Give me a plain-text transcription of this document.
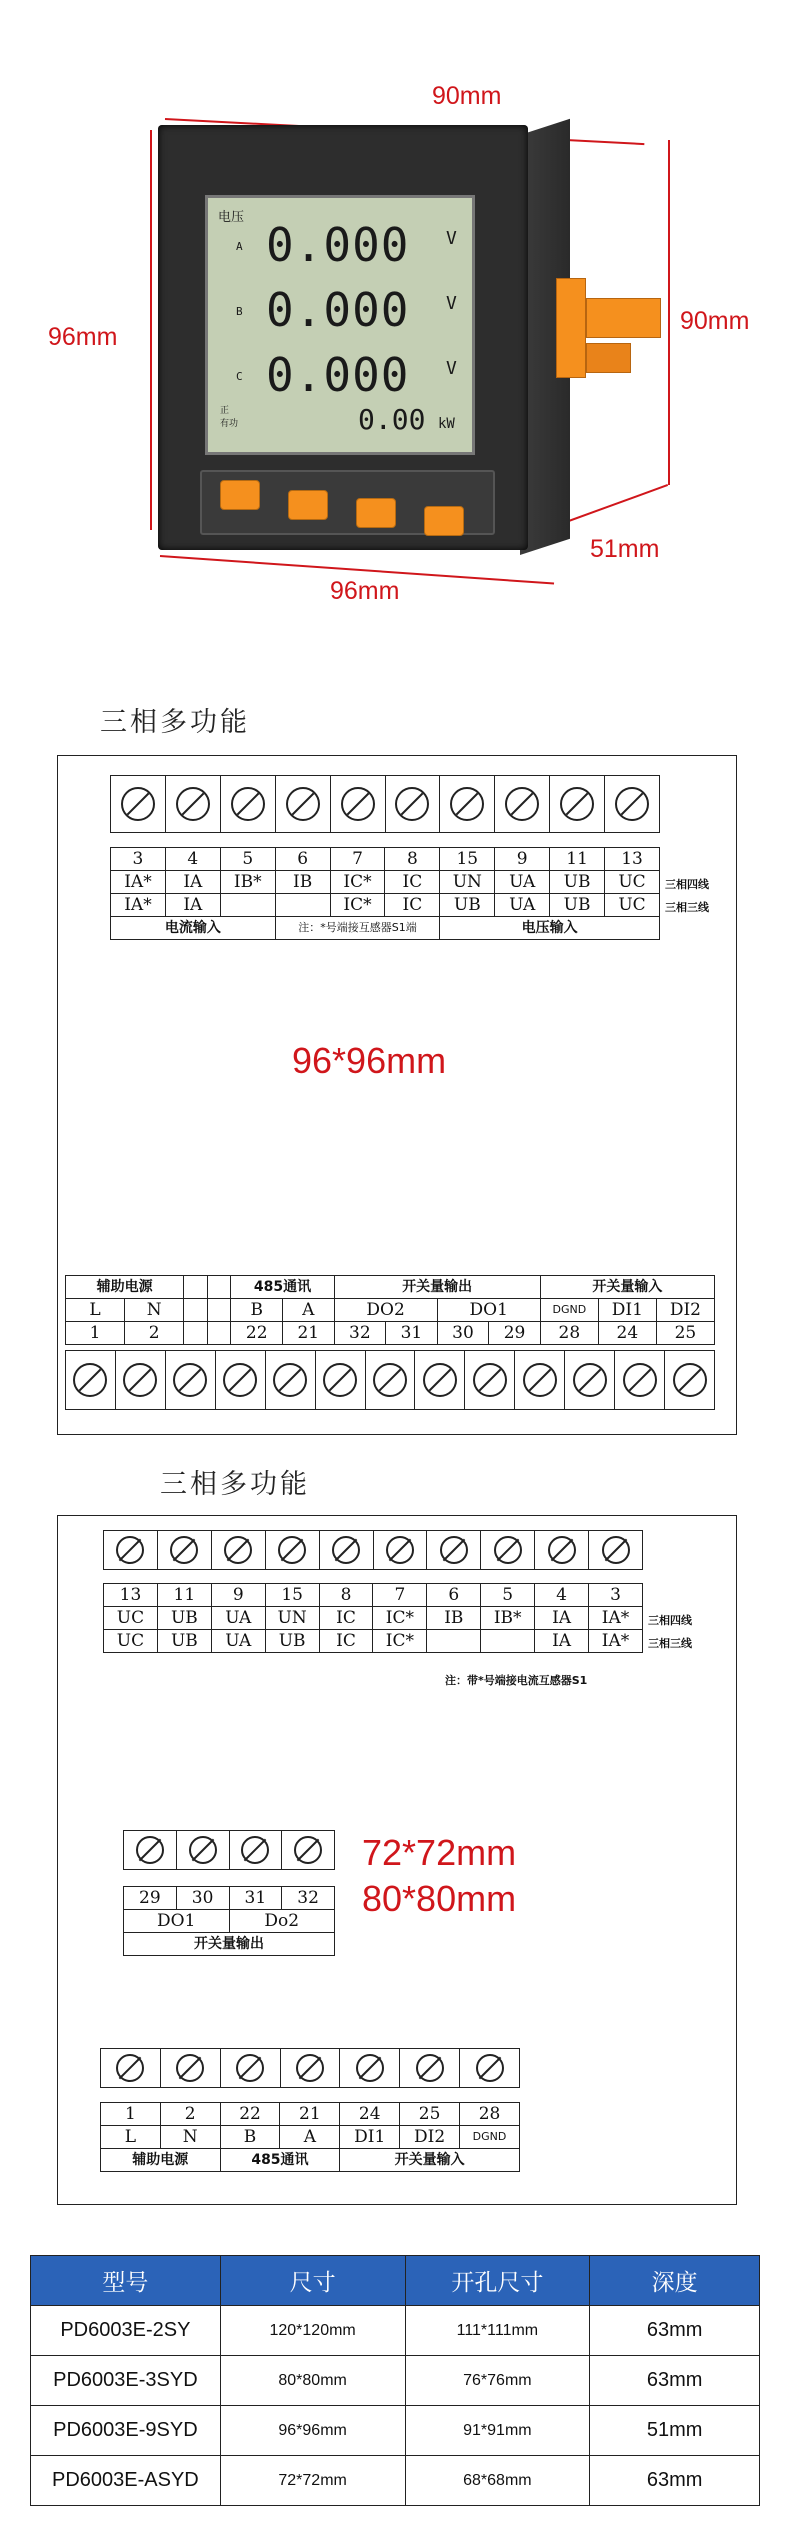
90mm
96mm
90mm
51mm
96mm
电压
A 0.000 V
B 0.000 V
C 0.000 V
正
有功	0.00 kW
三相多功能
3	4	5	6	7	8	15	9	11	13
IA*	IA	IB*	IB	IC*	IC	UN	UA	UB	UC
IA*	IA			IC*	IC	UB	UA	UB	UC
电流输入			注：*号端接互感器S1端			电压输入			
三相四线
三相三线
96*96mm
辅助电源				485通讯		开关量输出				开关量输入		
L	N			B	A	DO2		DO1		DGND	DI1	DI2
1	2			22	21	32	31	30	29	28	24	25
三相多功能
13	11	9	15	8	7	6	5	4	3
UC	UB	UA	UN	IC	IC*	IB	IB*	IA	IA*
UC	UB	UA	UB	IC	IC*			IA	IA*
三相四线
三相三线
注：带*号端接电流互感器S1
29	30	31	32
DO1		Do2	
开关量输出			
72*72mm
80*80mm
1	2	22	21	24	25	28
L	N	B	A	DI1	DI2	DGND
辅助电源		485通讯		开关量输入		
型号	尺寸	开孔尺寸	深度
PD6003E-2SY	120*120mm	111*111mm	63mm
PD6003E-3SYD	80*80mm	76*76mm	63mm
PD6003E-9SYD	96*96mm	91*91mm	51mm
PD6003E-ASYD	72*72mm	68*68mm	63mm
